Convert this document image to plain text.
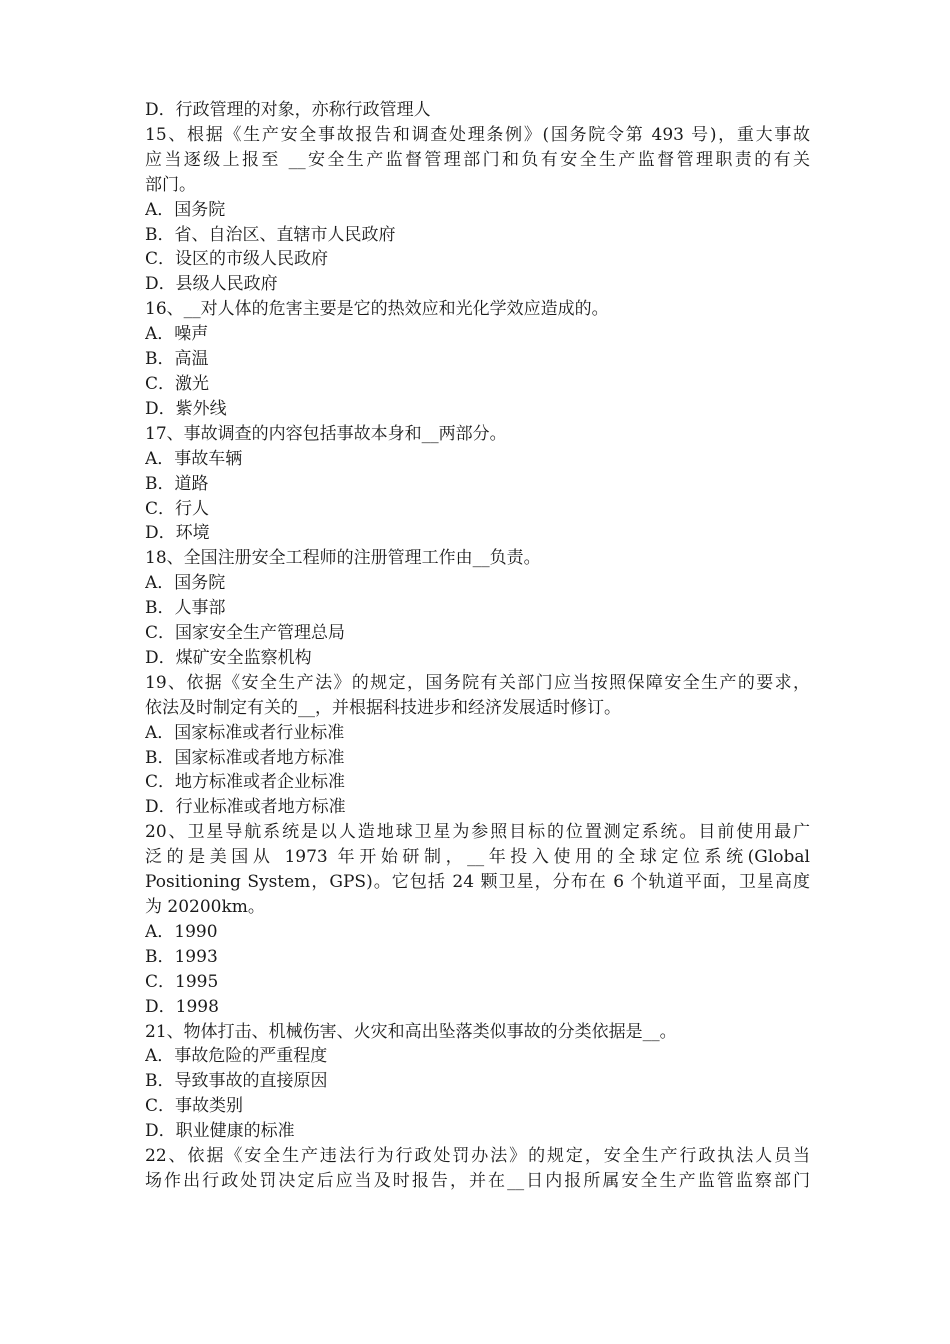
D．行政管理的对象，亦称行政管理人
15、根据《生产安全事故报告和调查处理条例》(国务院令第 493 号)，重大事故
应当逐级上报至 __安全生产监督管理部门和负有安全生产监督管理职责的有关
部门。
A．国务院
B．省、自治区、直辖市人民政府
C．设区的市级人民政府
D．县级人民政府
16、__对人体的危害主要是它的热效应和光化学效应造成的。
A．噪声
B．高温
C．激光
D．紫外线
17、事故调查的内容包括事故本身和__两部分。
A．事故车辆
B．道路
C．行人
D．环境
18、全国注册安全工程师的注册管理工作由__负责。
A．国务院
B．人事部
C．国家安全生产管理总局
D．煤矿安全监察机构
19、依据《安全生产法》的规定，国务院有关部门应当按照保障安全生产的要求，
依法及时制定有关的__，并根据科技进步和经济发展适时修订。
A．国家标准或者行业标准
B．国家标准或者地方标准
C．地方标准或者企业标准
D．行业标准或者地方标准
20、卫星导航系统是以人造地球卫星为参照目标的位置测定系统。目前使用最广
泛的是美国从 1973 年开始研制，__年投入使用的全球定位系统(Global
Positioning System，GPS)。它包括 24 颗卫星，分布在 6 个轨道平面，卫星高度
为 20200km。
A．1990
B．1993
C．1995
D．1998
21、物体打击、机械伤害、火灾和高出坠落类似事故的分类依据是__。
A．事故危险的严重程度
B．导致事故的直接原因
C．事故类别
D．职业健康的标准
22、依据《安全生产违法行为行政处罚办法》的规定，安全生产行政执法人员当
场作出行政处罚决定后应当及时报告，并在__日内报所属安全生产监管监察部门
